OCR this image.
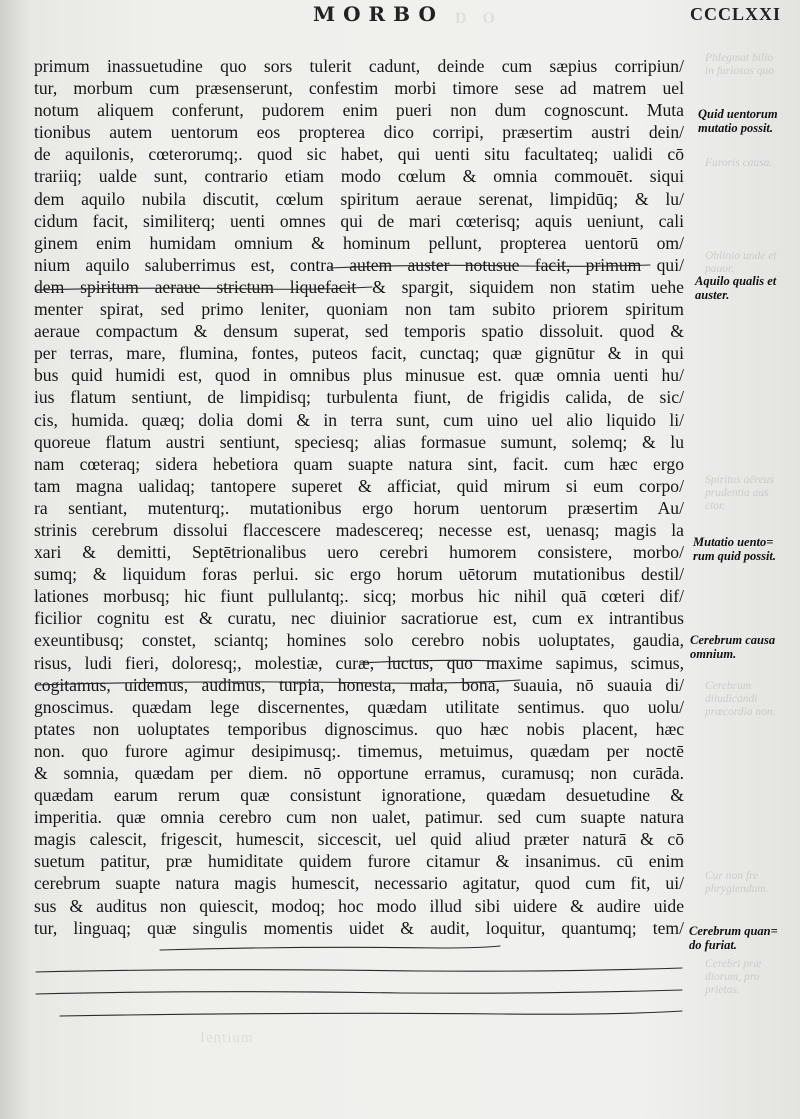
D O
MORBO	CCCLXXI
primum inassuetudine quo sors tulerit cadunt, deinde cum sæpius corripiun/
tur, morbum cum præsenserunt, confestim morbi timore sese ad matrem uel
notum aliquem conferunt, pudorem enim pueri non dum cognoscunt. Muta
tionibus autem uentorum eos propterea dico corripi, præsertim austri dein/
de aquilonis, cœterorumq;. quod sic habet, qui uenti situ facultateq; ualidi cō
trariiq; ualde sunt, contrario etiam modo cœlum & omnia commouēt. siqui
dem aquilo nubila discutit, cœlum spiritum aeraue serenat, limpidūq; & lu/
cidum facit, similiterq; uenti omnes qui de mari cœterisq; aquis ueniunt, cali
ginem enim humidam omnium & hominum pellunt, propterea uentorū om/
nium aquilo saluberrimus est, contra autem auster notusue facit, primum qui/
dem spiritum aeraue strictum liquefacit & spargit, siquidem non statim uehe
menter spirat, sed primo leniter, quoniam non tam subito priorem spiritum
aeraue compactum & densum superat, sed temporis spatio dissoluit. quod &
per terras, mare, flumina, fontes, puteos facit, cunctaq; quæ gignūtur & in qui
bus quid humidi est, quod in omnibus plus minusue est. quæ omnia uenti hu/
ius flatum sentiunt, de limpidisq; turbulenta fiunt, de frigidis calida, de sic/
cis, humida. quæq; dolia domi & in terra sunt, cum uino uel alio liquido li/
quoreue flatum austri sentiunt, speciesq; alias formasue sumunt, solemq; & lu
nam cœteraq; sidera hebetiora quam suapte natura sint, facit. cum hæc ergo
tam magna ualidaq; tantopere superet & afficiat, quid mirum si eum corpo/
ra sentiant, mutenturq;. mutationibus ergo horum uentorum præsertim Au/
strinis cerebrum dissolui flaccescere madescereq; necesse est, uenasq; magis la
xari & demitti, Septētrionalibus uero cerebri humorem consistere, morbo/
sumq; & liquidum foras perlui. sic ergo horum uētorum mutationibus destil/
lationes morbusq; hic fiunt pullulantq;. sicq; morbus hic nihil quā cœteri dif/
ficilior cognitu est & curatu, nec diuinior sacratiorue est, cum ex intrantibus
exeuntibusq; constet, sciantq; homines solo cerebro nobis uoluptates, gaudia,
risus, ludi fieri, doloresq;, molestiæ, curæ, luctus, quo maxime sapimus, scimus,
cogitamus, uidemus, audimus, turpia, honesta, mala, bona, suauia, nō suauia di/
gnoscimus. quædam lege discernentes, quædam utilitate sentimus. quo uolu/
ptates non uoluptates temporibus dignoscimus. quo hæc nobis placent, hæc
non. quo furore agimur desipimusq;. timemus, metuimus, quædam per noctē
& somnia, quædam per diem. nō opportune erramus, curamusq; non curāda.
quædam earum rerum quæ consistunt ignoratione, quædam desuetudine &
imperitia. quæ omnia cerebro cum non ualet, patimur. sed cum suapte natura
magis calescit, frigescit, humescit, siccescit, uel quid aliud præter naturā & cō
suetum patitur, præ humiditate quidem furore citamur & insanimus. cū enim
cerebrum suapte natura magis humescit, necessario agitatur, quod cum fit, ui/
sus & auditus non quiescit, modoq; hoc modo illud sibi uidere & audire uide
tur, linguaq; quæ singulis momentis uidet & audit, loquitur, quantumq; tem/
Phlegmat bilio
in furiosos quo
Furoris causa.
Oblinio unde et
pauor.
Spiritus aëreus
prudentia aus
ctor.
Cerebrum
diiudicandi
præcordia non.
Cur non fre
phrygiendum.
Cerebri præ
diorum, pro
prietas.
Ientium
Quid uentorum
mutatio possit.
Aquilo qualis et
auster.
Mutatio uento=
rum quid possit.
Cerebrum causa
omnium.
Cerebrum quan=
do furiat.
